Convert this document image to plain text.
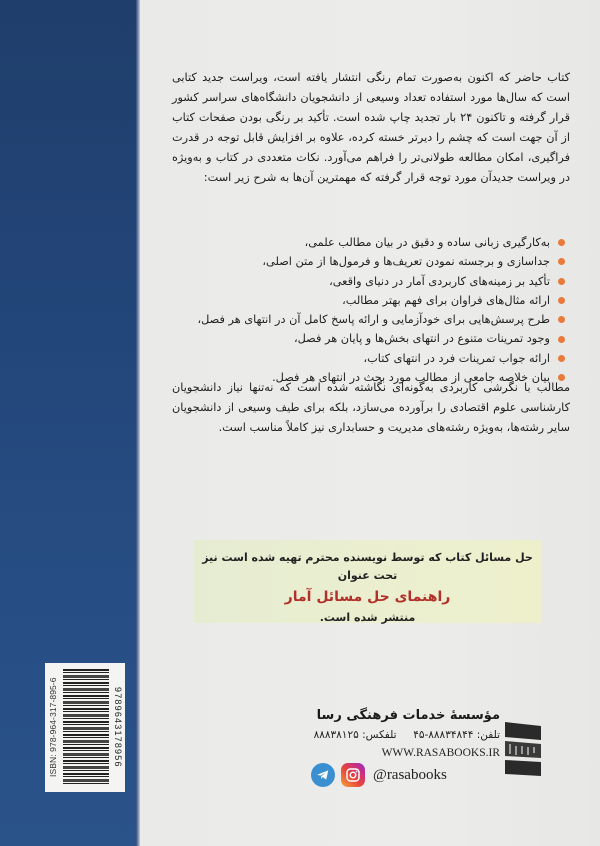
ISBN: 978-964-317-895-6	9789643178956

کتاب حاضر که اکنون به‌صورت تمام رنگی انتشار یافته است، ویراست جدید کتابی است که سال‌ها مورد استفاده تعداد وسیعی از دانشجویان دانشگاه‌های سراسر کشور قرار گرفته و تاکنون ۲۴ بار تجدید چاپ شده است. تأکید بر رنگی بودن صفحات کتاب از آن جهت است که چشم را دیرتر خسته کرده، علاوه بر افزایش قابل توجه در قدرت فراگیری، امکان مطالعه طولانی‌تر را فراهم می‌آورد. نکات متعددی در کتاب و به‌ویژه در ویراست جدیدآن مورد توجه قرار گرفته که مهمترین آن‌ها به شرح زیر است:

به‌کارگیری زبانی ساده و دقیق در بیان مطالب علمی،
جداسازی و برجسته نمودن تعریف‌ها و فرمول‌ها از متن اصلی،
تأکید بر زمینه‌های کاربردی آمار در دنیای واقعی،
ارائه مثال‌های فراوان برای فهم بهتر مطالب،
طرح پرسش‌هایی برای خودآزمایی و ارائه پاسخ کامل آن در انتهای هر فصل،
وجود تمرینات متنوع در انتهای بخش‌ها و پایان هر فصل،
ارائه جواب تمرینات فرد در انتهای کتاب،
بیان خلاصه جامعی از مطالب مورد بحث در انتهای هر فصل.

مطالب با نگرشی کاربردی به‌گونه‌ای نگاشته شده است که نه‌تنها نیاز دانشجویان کارشناسی علوم اقتصادی را برآورده می‌سازد، بلکه برای طیف وسیعی از دانشجویان سایر رشته‌ها، به‌ویژه رشته‌های مدیریت و حسابداری نیز کاملاً مناسب است.

حل مسائل کتاب که توسط نویسنده محترم تهیه شده است نیز تحت عنوان
راهنمای حل مسائل آمار
منتشر شده است.
مؤسسهٔ خدمات فرهنگی رسا
تلفن: ۸۸۸۳۴۸۴۴-۴۵  تلفکس: ۸۸۸۳۸۱۲۵
WWW.RASABOOKS.IR
@rasabooks
